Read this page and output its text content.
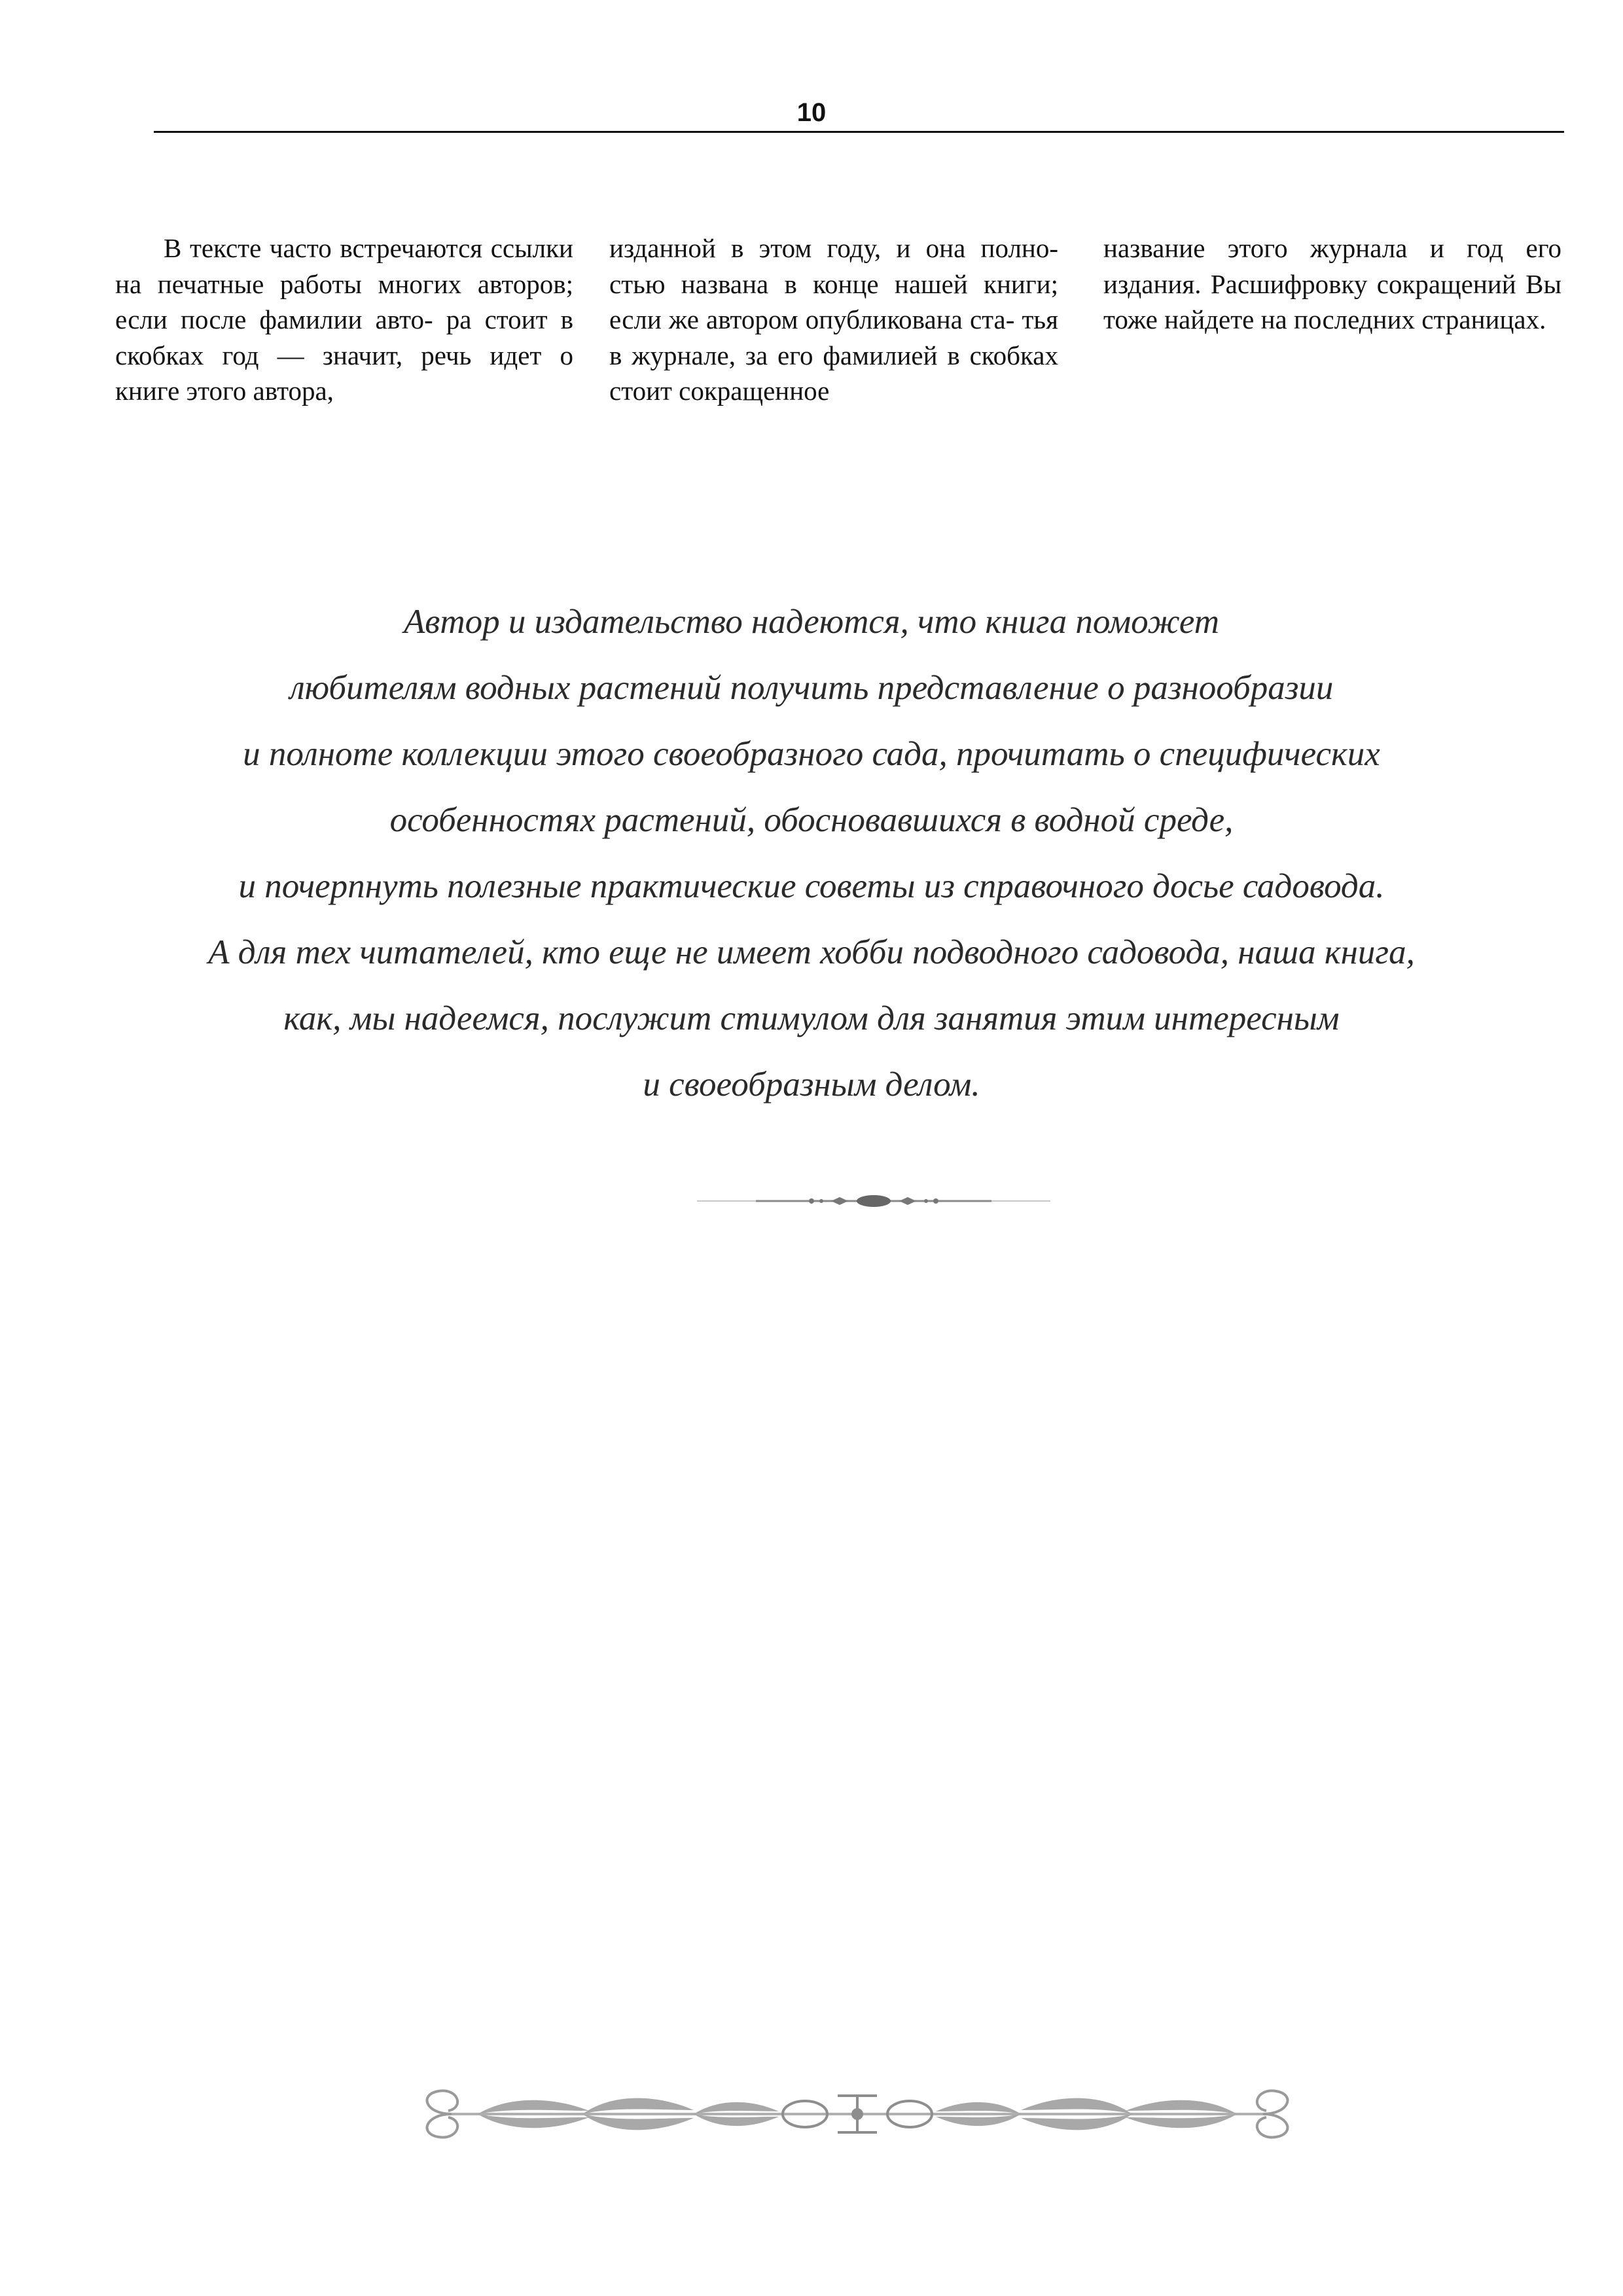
10

В тексте часто встречаются ссылки на печатные работы многих авторов; если после фамилии авто- ра стоит в скобках год — значит, речь идет о книге этого автора,

изданной в этом году, и она полно- стью названа в конце нашей книги; если же автором опубликована ста- тья в журнале, за его фамилией в скобках стоит сокращенное

название этого журнала и год его издания. Расшифровку сокращений Вы тоже найдете на последних страницах.

Автор и издательство надеются, что книга поможет
любителям водных растений получить представление о разнообразии
и полноте коллекции этого своеобразного сада, прочитать о специфических
особенностях растений, обосновавшихся в водной среде,
и почерпнуть полезные практические советы из справочного досье садовода.
А для тех читателей, кто еще не имеет хобби подводного садовода, наша книга,
как, мы надеемся, послужит стимулом для занятия этим интересным
и своеобразным делом.
